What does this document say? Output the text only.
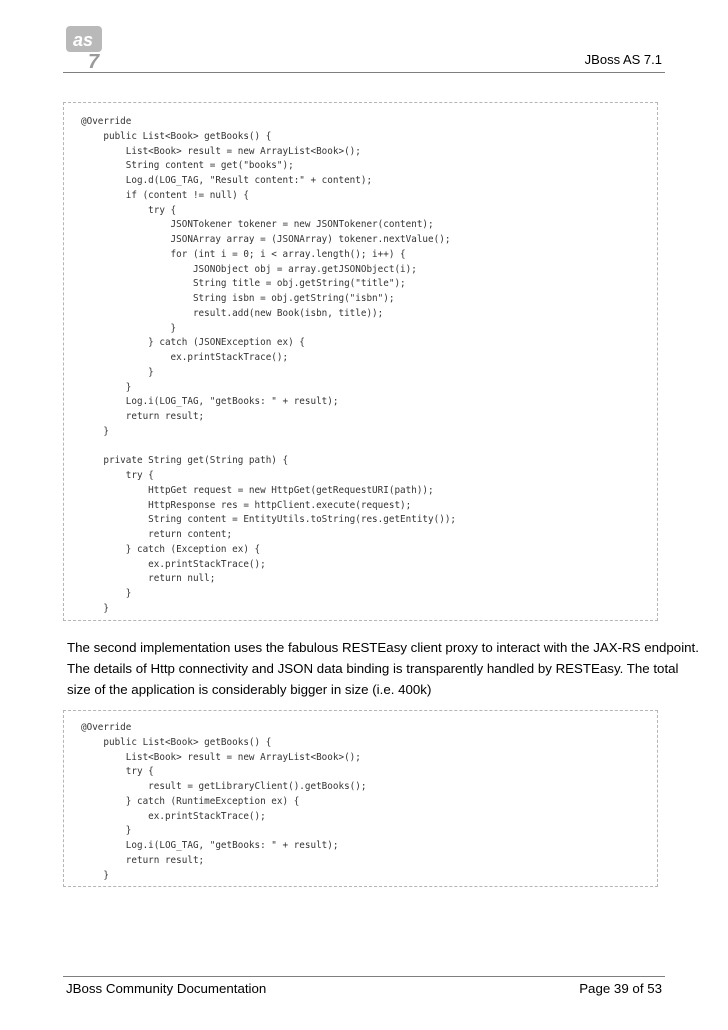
as
7	JBoss AS 7.1
@Override
public List<Book> getBooks() {
List<Book> result = new ArrayList<Book>();
String content = get("books");
Log.d(LOG_TAG, "Result content:" + content);
if (content != null) {
try {
JSONTokener tokener = new JSONTokener(content);
JSONArray array = (JSONArray) tokener.nextValue();
for (int i = 0; i < array.length(); i++) {
JSONObject obj = array.getJSONObject(i);
String title = obj.getString("title");
String isbn = obj.getString("isbn");
result.add(new Book(isbn, title));
}
} catch (JSONException ex) {
ex.printStackTrace();
}
}
Log.i(LOG_TAG, "getBooks: " + result);
return result;
}
private String get(String path) {
try {
HttpGet request = new HttpGet(getRequestURI(path));
HttpResponse res = httpClient.execute(request);
String content = EntityUtils.toString(res.getEntity());
return content;
} catch (Exception ex) {
ex.printStackTrace();
return null;
}
}

The second implementation uses the fabulous RESTEasy client proxy to interact with the JAX-RS endpoint.

The details of Http connectivity and JSON data binding is transparently handled by RESTEasy. The total

size of the application is considerably bigger in size (i.e. 400k)

@Override
public List<Book> getBooks() {
List<Book> result = new ArrayList<Book>();
try {
result = getLibraryClient().getBooks();
} catch (RuntimeException ex) {
ex.printStackTrace();
}
Log.i(LOG_TAG, "getBooks: " + result);
return result;
}
JBoss Community Documentation	Page 39 of 53
